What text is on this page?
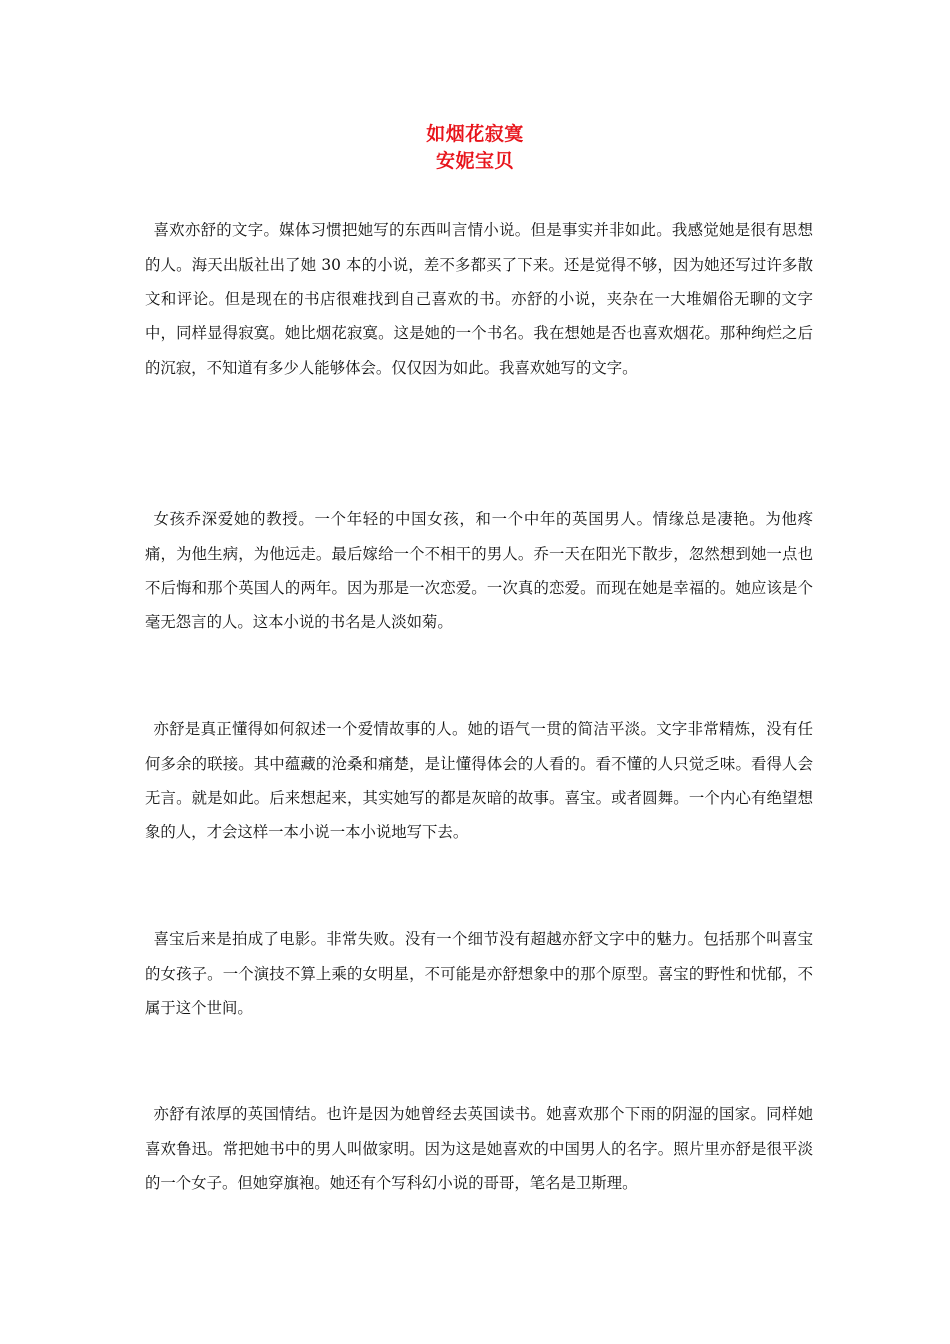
如烟花寂寞
安妮宝贝

喜欢亦舒的文字。媒体习惯把她写的东西叫言情小说。但是事实并非如此。我感觉她是很有思想的人。海天出版社出了她 30 本的小说，差不多都买了下来。还是觉得不够，因为她还写过许多散文和评论。但是现在的书店很难找到自己喜欢的书。亦舒的小说，夹杂在一大堆媚俗无聊的文字中，同样显得寂寞。她比烟花寂寞。这是她的一个书名。我在想她是否也喜欢烟花。那种绚烂之后的沉寂，不知道有多少人能够体会。仅仅因为如此。我喜欢她写的文字。

女孩乔深爱她的教授。一个年轻的中国女孩，和一个中年的英国男人。情缘总是凄艳。为他疼痛，为他生病，为他远走。最后嫁给一个不相干的男人。乔一天在阳光下散步，忽然想到她一点也不后悔和那个英国人的两年。因为那是一次恋爱。一次真的恋爱。而现在她是幸福的。她应该是个毫无怨言的人。这本小说的书名是人淡如菊。

亦舒是真正懂得如何叙述一个爱情故事的人。她的语气一贯的简洁平淡。文字非常精炼，没有任何多余的联接。其中蕴藏的沧桑和痛楚，是让懂得体会的人看的。看不懂的人只觉乏味。看得人会无言。就是如此。后来想起来，其实她写的都是灰暗的故事。喜宝。或者圆舞。一个内心有绝望想象的人，才会这样一本小说一本小说地写下去。

喜宝后来是拍成了电影。非常失败。没有一个细节没有超越亦舒文字中的魅力。包括那个叫喜宝的女孩子。一个演技不算上乘的女明星，不可能是亦舒想象中的那个原型。喜宝的野性和忧郁，不属于这个世间。

亦舒有浓厚的英国情结。也许是因为她曾经去英国读书。她喜欢那个下雨的阴湿的国家。同样她喜欢鲁迅。常把她书中的男人叫做家明。因为这是她喜欢的中国男人的名字。照片里亦舒是很平淡的一个女子。但她穿旗袍。她还有个写科幻小说的哥哥，笔名是卫斯理。
